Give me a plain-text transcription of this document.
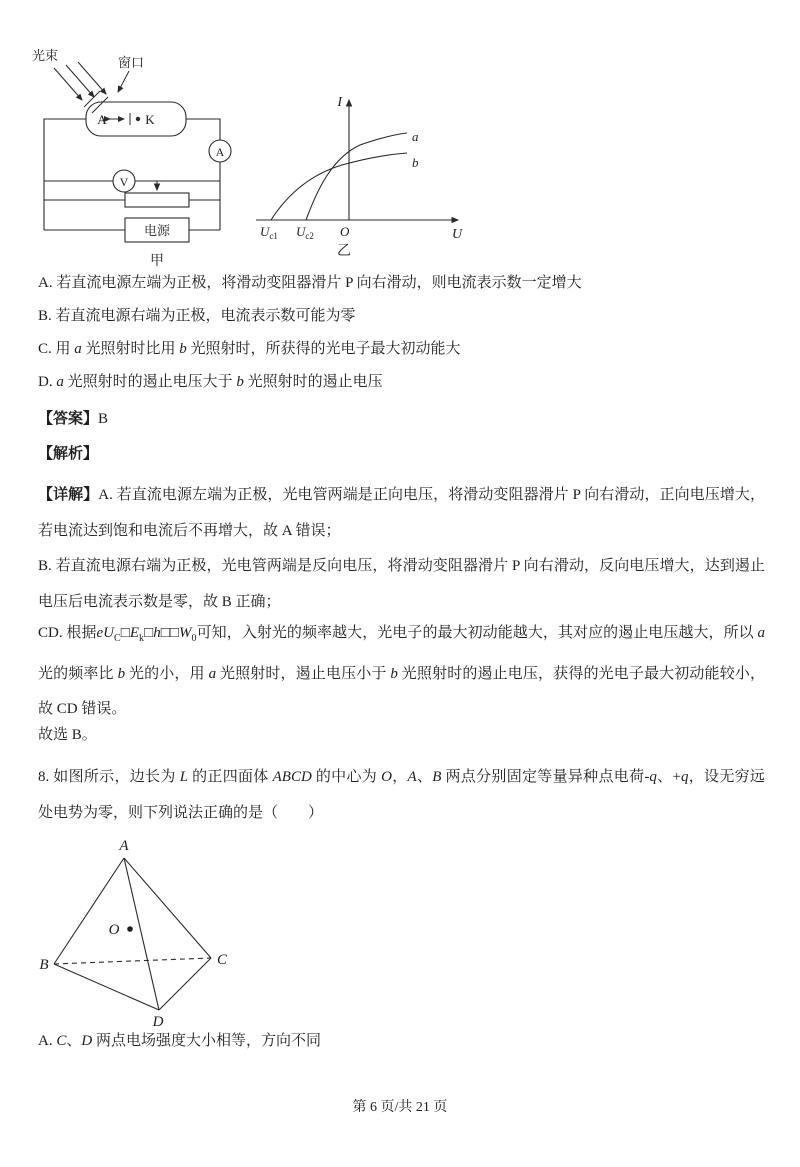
光束	窗口
A	K
A
V
电源
甲
I
U
O
$U_{c1}$ $U_{c2}$
a
b
乙
A. 若直流电源左端为正极，将滑动变阻器滑片 P 向右滑动，则电流表示数一定增大
B. 若直流电源右端为正极，电流表示数可能为零
C. 用 a 光照射时比用 b 光照射时，所获得的光电子最大初动能大
D. a 光照射时的遏止电压大于 b 光照射时的遏止电压
【答案】B
【解析】
【详解】A. 若直流电源左端为正极，光电管两端是正向电压，将滑动变阻器滑片 P 向右滑动，正向电压增大，若电流达到饱和电流后不再增大，故 A 错误；
B. 若直流电源右端为正极，光电管两端是反向电压，将滑动变阻器滑片 P 向右滑动，反向电压增大，达到遏止电压后电流表示数是零，故 B 正确；
CD. 根据$eU_C□E_k□h□□W_0$可知，入射光的频率越大，光电子的最大初动能越大，其对应的遏止电压越大，所以 a 光的频率比 b 光的小，用 a 光照射时，遏止电压小于 b 光照射时的遏止电压，获得的光电子最大初动能较小，故 CD 错误。
故选 B。
8. 如图所示，边长为 L 的正四面体 ABCD 的中心为 O，A、B 两点分别固定等量异种点电荷-q、+q，设无穷远处电势为零，则下列说法正确的是（　　）
A
B	C
D
O
A. C、D 两点电场强度大小相等，方向不同
第 6 页/共 21 页
